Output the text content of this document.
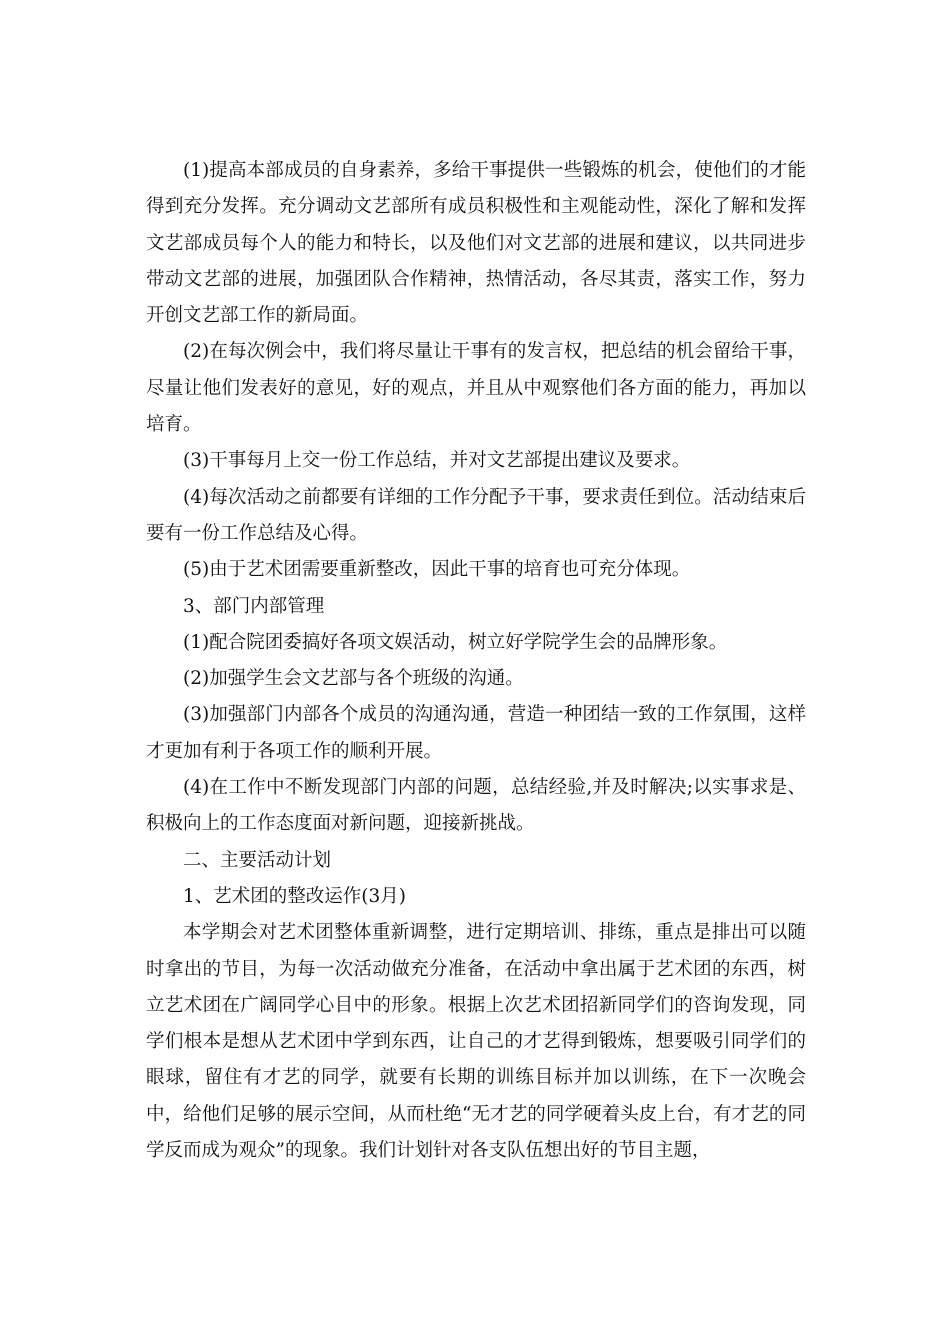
(1)提高本部成员的自身素养，多给干事提供一些锻炼的机会，使他们的才能得到充分发挥。充分调动文艺部所有成员积极性和主观能动性，深化了解和发挥文艺部成员每个人的能力和特长，以及他们对文艺部的进展和建议，以共同进步带动文艺部的进展，加强团队合作精神，热情活动，各尽其责，落实工作，努力开创文艺部工作的新局面。

(2)在每次例会中，我们将尽量让干事有的发言权，把总结的机会留给干事，尽量让他们发表好的意见，好的观点，并且从中观察他们各方面的能力，再加以培育。

(3)干事每月上交一份工作总结，并对文艺部提出建议及要求。

(4)每次活动之前都要有详细的工作分配予干事，要求责任到位。活动结束后要有一份工作总结及心得。

(5)由于艺术团需要重新整改，因此干事的培育也可充分体现。

3、部门内部管理

(1)配合院团委搞好各项文娱活动，树立好学院学生会的品牌形象。

(2)加强学生会文艺部与各个班级的沟通。

(3)加强部门内部各个成员的沟通沟通，营造一种团结一致的工作氛围，这样才更加有利于各项工作的顺利开展。

(4)在工作中不断发现部门内部的问题，总结经验,并及时解决;以实事求是、积极向上的工作态度面对新问题，迎接新挑战。

二、主要活动计划

1、艺术团的整改运作(3月)

本学期会对艺术团整体重新调整，进行定期培训、排练，重点是排出可以随时拿出的节目，为每一次活动做充分准备，在活动中拿出属于艺术团的东西，树立艺术团在广阔同学心目中的形象。根据上次艺术团招新同学们的咨询发现，同学们根本是想从艺术团中学到东西，让自己的才艺得到锻炼，想要吸引同学们的眼球，留住有才艺的同学，就要有长期的训练目标并加以训练，在下一次晚会中，给他们足够的展示空间，从而杜绝“无才艺的同学硬着头皮上台，有才艺的同学反而成为观众”的现象。我们计划针对各支队伍想出好的节目主题，
